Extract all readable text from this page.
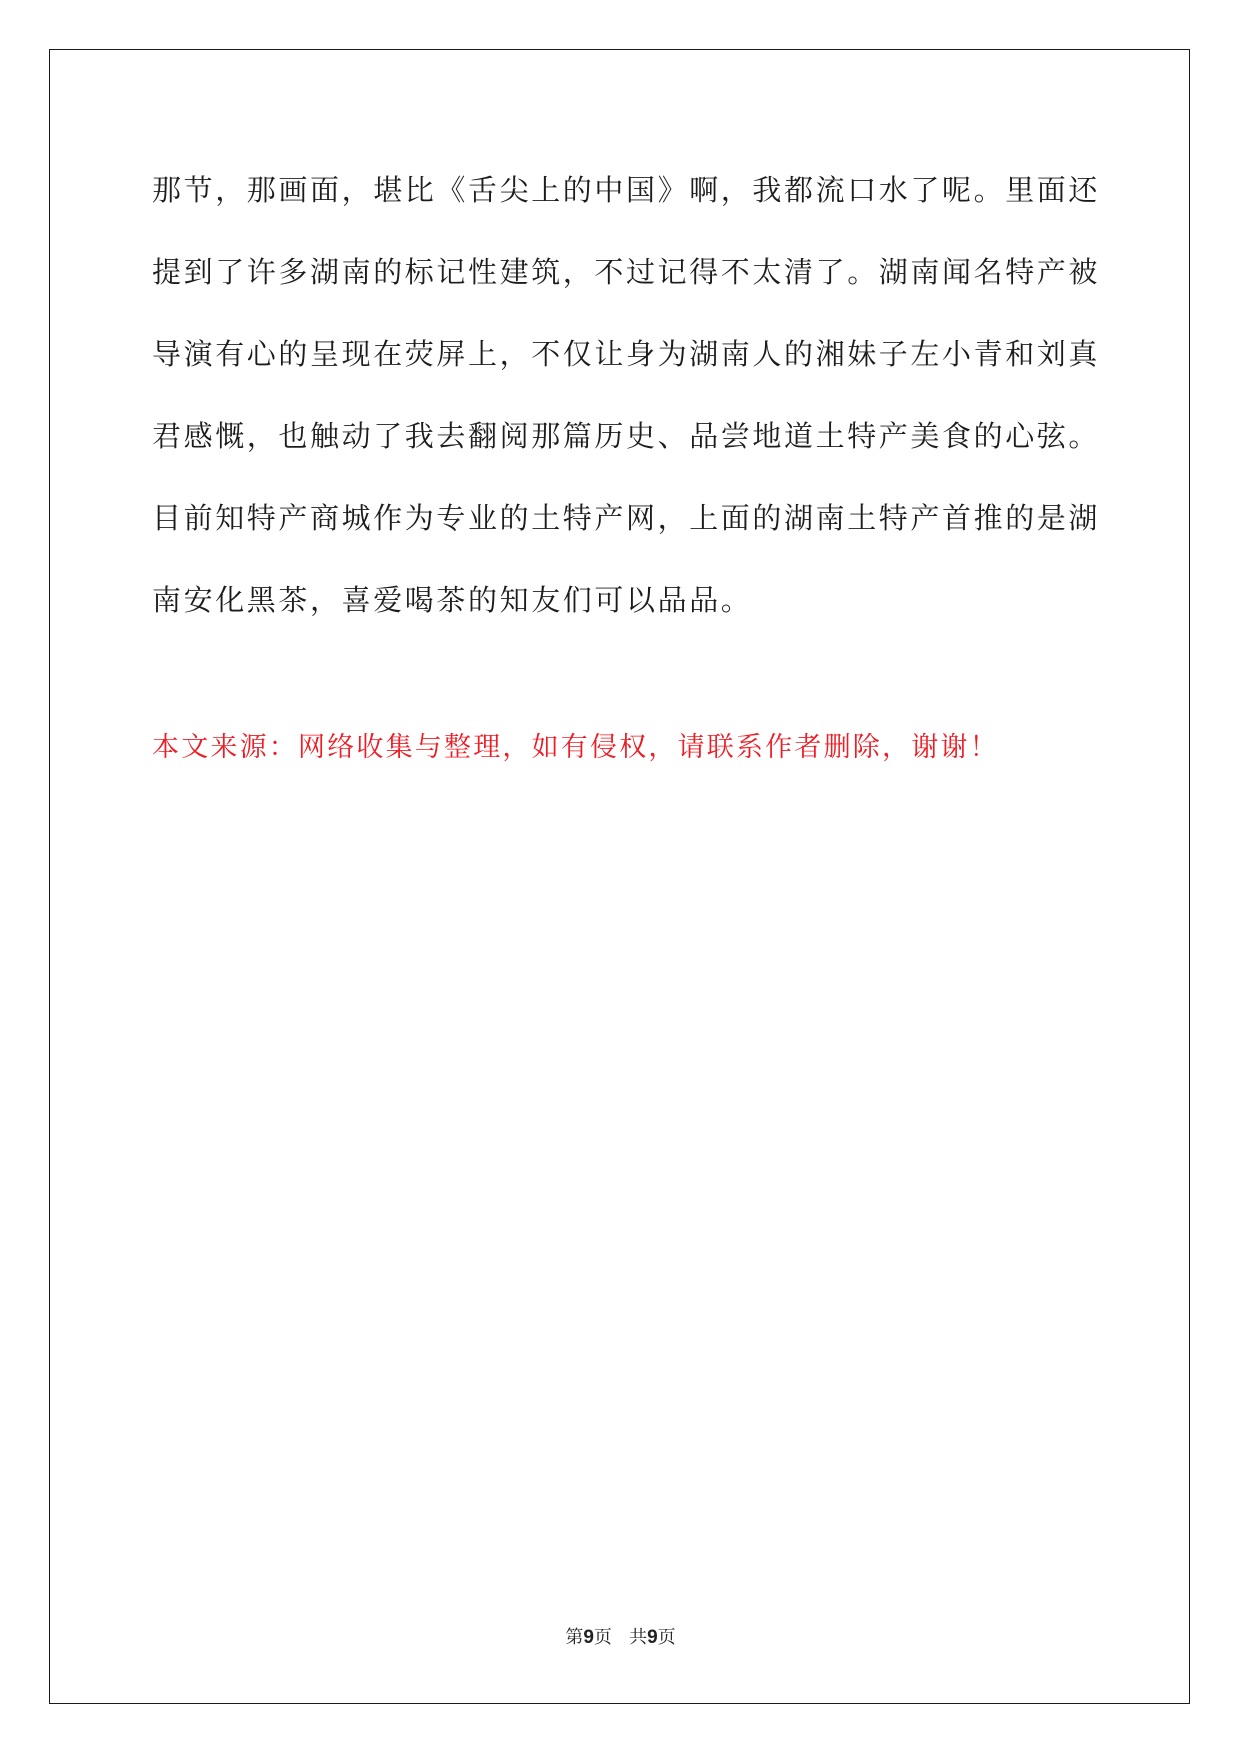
那节，那画面，堪比《舌尖上的中国》啊，我都流口水了呢。里面还
提到了许多湖南的标记性建筑，不过记得不太清了。湖南闻名特产被
导演有心的呈现在荧屏上，不仅让身为湖南人的湘妹子左小青和刘真
君感慨，也触动了我去翻阅那篇历史、品尝地道土特产美食的心弦。
目前知特产商城作为专业的土特产网，上面的湖南土特产首推的是湖
南安化黑茶，喜爱喝茶的知友们可以品品。

本文来源：网络收集与整理，如有侵权，请联系作者删除，谢谢！

第9页 共9页
